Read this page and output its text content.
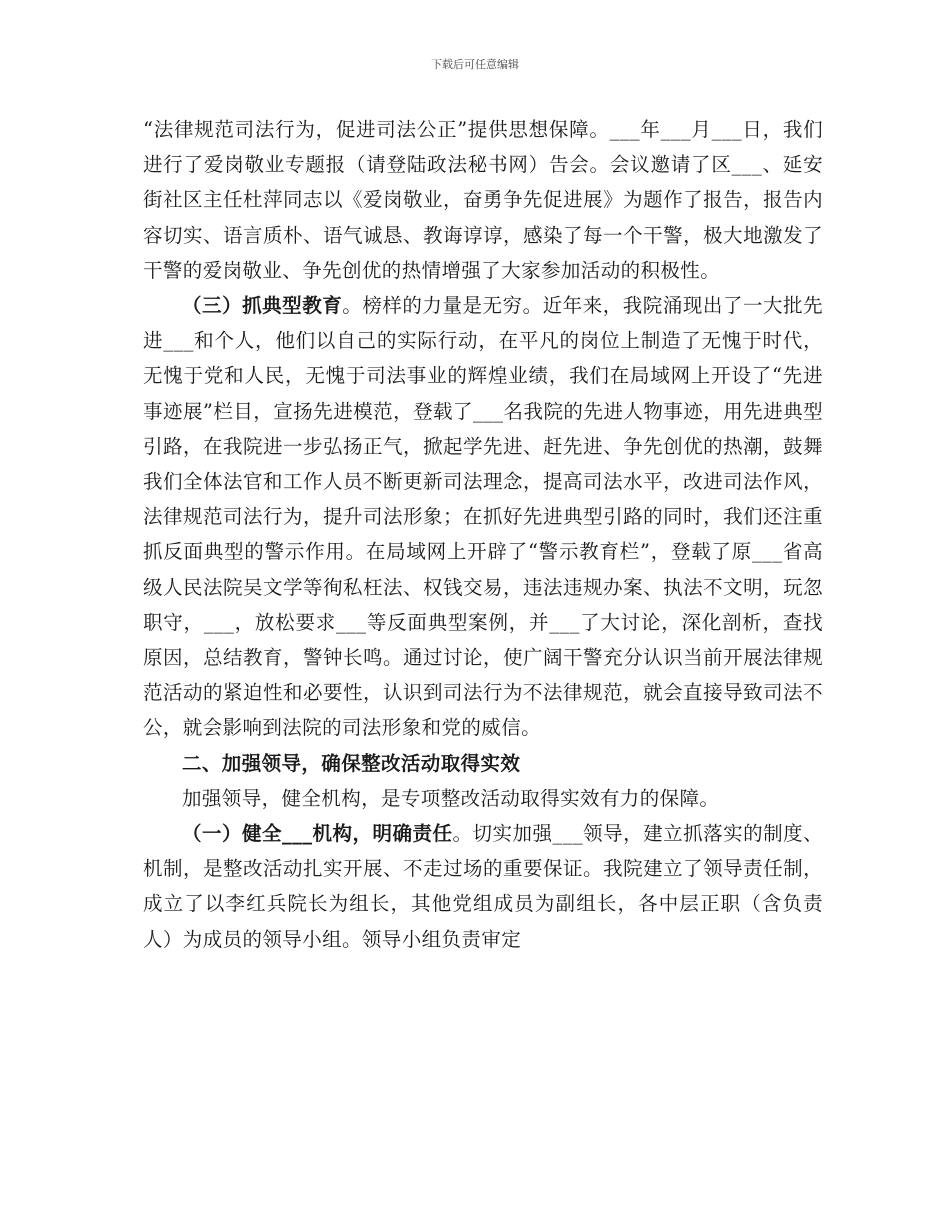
下载后可任意编辑

“法律规范司法行为，促进司法公正”提供思想保障。___年___月___日，我们进行了爱岗敬业专题报（请登陆政法秘书网）告会。会议邀请了区___、延安街社区主任杜萍同志以《爱岗敬业，奋勇争先促进展》为题作了报告，报告内容切实、语言质朴、语气诚恳、教诲谆谆，感染了每一个干警，极大地激发了干警的爱岗敬业、争先创优的热情增强了大家参加活动的积极性。

（三）抓典型教育。榜样的力量是无穷。近年来，我院涌现出了一大批先进___和个人，他们以自己的实际行动，在平凡的岗位上制造了无愧于时代，无愧于党和人民，无愧于司法事业的辉煌业绩，我们在局域网上开设了“先进事迹展”栏目，宣扬先进模范，登载了___名我院的先进人物事迹，用先进典型引路，在我院进一步弘扬正气，掀起学先进、赶先进、争先创优的热潮，鼓舞我们全体法官和工作人员不断更新司法理念，提高司法水平，改进司法作风，法律规范司法行为，提升司法形象；在抓好先进典型引路的同时，我们还注重抓反面典型的警示作用。在局域网上开辟了“警示教育栏”，登载了原___省高级人民法院吴文学等徇私枉法、权钱交易，违法违规办案、执法不文明，玩忽职守，___，放松要求___等反面典型案例，并___了大讨论，深化剖析，查找原因，总结教育，警钟长鸣。通过讨论，使广阔干警充分认识当前开展法律规范活动的紧迫性和必要性，认识到司法行为不法律规范，就会直接导致司法不公，就会影响到法院的司法形象和党的威信。

二、加强领导，确保整改活动取得实效

加强领导，健全机构，是专项整改活动取得实效有力的保障。

（一）健全___机构，明确责任。切实加强___领导，建立抓落实的制度、机制，是整改活动扎实开展、不走过场的重要保证。我院建立了领导责任制，成立了以李红兵院长为组长，其他党组成员为副组长，各中层正职（含负责人）为成员的领导小组。领导小组负责审定
